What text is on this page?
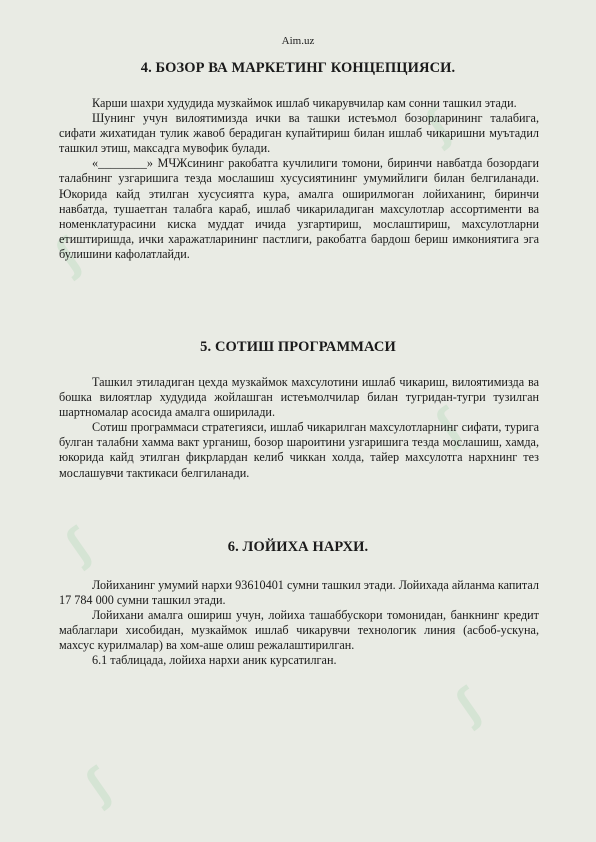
ʃ
ʃ
ʃ
ʃ
ʃ
ʃ
Aim.uz
4. БОЗОР ВА МАРКЕТИНГ КОНЦЕПЦИЯСИ.

Карши шахри худудида музкаймок ишлаб чикарувчилар кам сонни ташкил этади.

Шунинг учун вилоятимизда ички ва ташки истеъмол бозорларининг талабига, сифати жихатидан тулик жавоб берадиган купайтириш билан ишлаб чикаришни муътадил ташкил этиш, максадга мувофик булади.

«________» МЧЖсининг ракобатга кучлилиги томони, биринчи навбатда бозордаги талабнинг узгаришига тезда мослашиш хусусиятининг умумийлиги билан белгиланади. Юкорида кайд этилган хусусиятга кура, амалга оширилмоган лойиханинг, биринчи навбатда, тушаетган талабга караб, ишлаб чикариладиган махсулотлар ассортименти ва номенклатурасини киска муддат ичида узгартириш, мослаштириш, махсулотларни етиштиришда, ички харажатларининг пастлиги, ракобатга бардош бериш имкониятига эга булишини кафолатлайди.

5. СОТИШ ПРОГРАММАСИ

Ташкил этиладиган цехда музкаймок махсулотини ишлаб чикариш, вилоятимизда ва бошка вилоятлар худудида жойлашган истеъмолчилар билан тугридан-тугри тузилган шартномалар асосида амалга оширилади.

Сотиш программаси стратегияси, ишлаб чикарилган махсулотларнинг сифати, турига булган талабни хамма вакт урганиш, бозор шароитини узгаришига тезда мослашиш, хамда, юкорида кайд этилган фикрлардан келиб чиккан холда, тайер махсулотга нархнинг тез мослашувчи тактикаси белгиланади.

6. ЛОЙИХА НАРХИ.

Лойиханинг умумий нархи 93610401 сумни ташкил этади. Лойихада айланма капитал 17 784 000 сумни ташкил этади.

Лойихани амалга ошириш учун, лойиха ташаббускори томонидан, банкнинг кредит маблаглари хисобидан, музкаймок ишлаб чикарувчи технологик линия (асбоб-ускуна, махсус курилмалар) ва хом-аше олиш режалаштирилган.

6.1 таблицада, лойиха нархи аник курсатилган.
